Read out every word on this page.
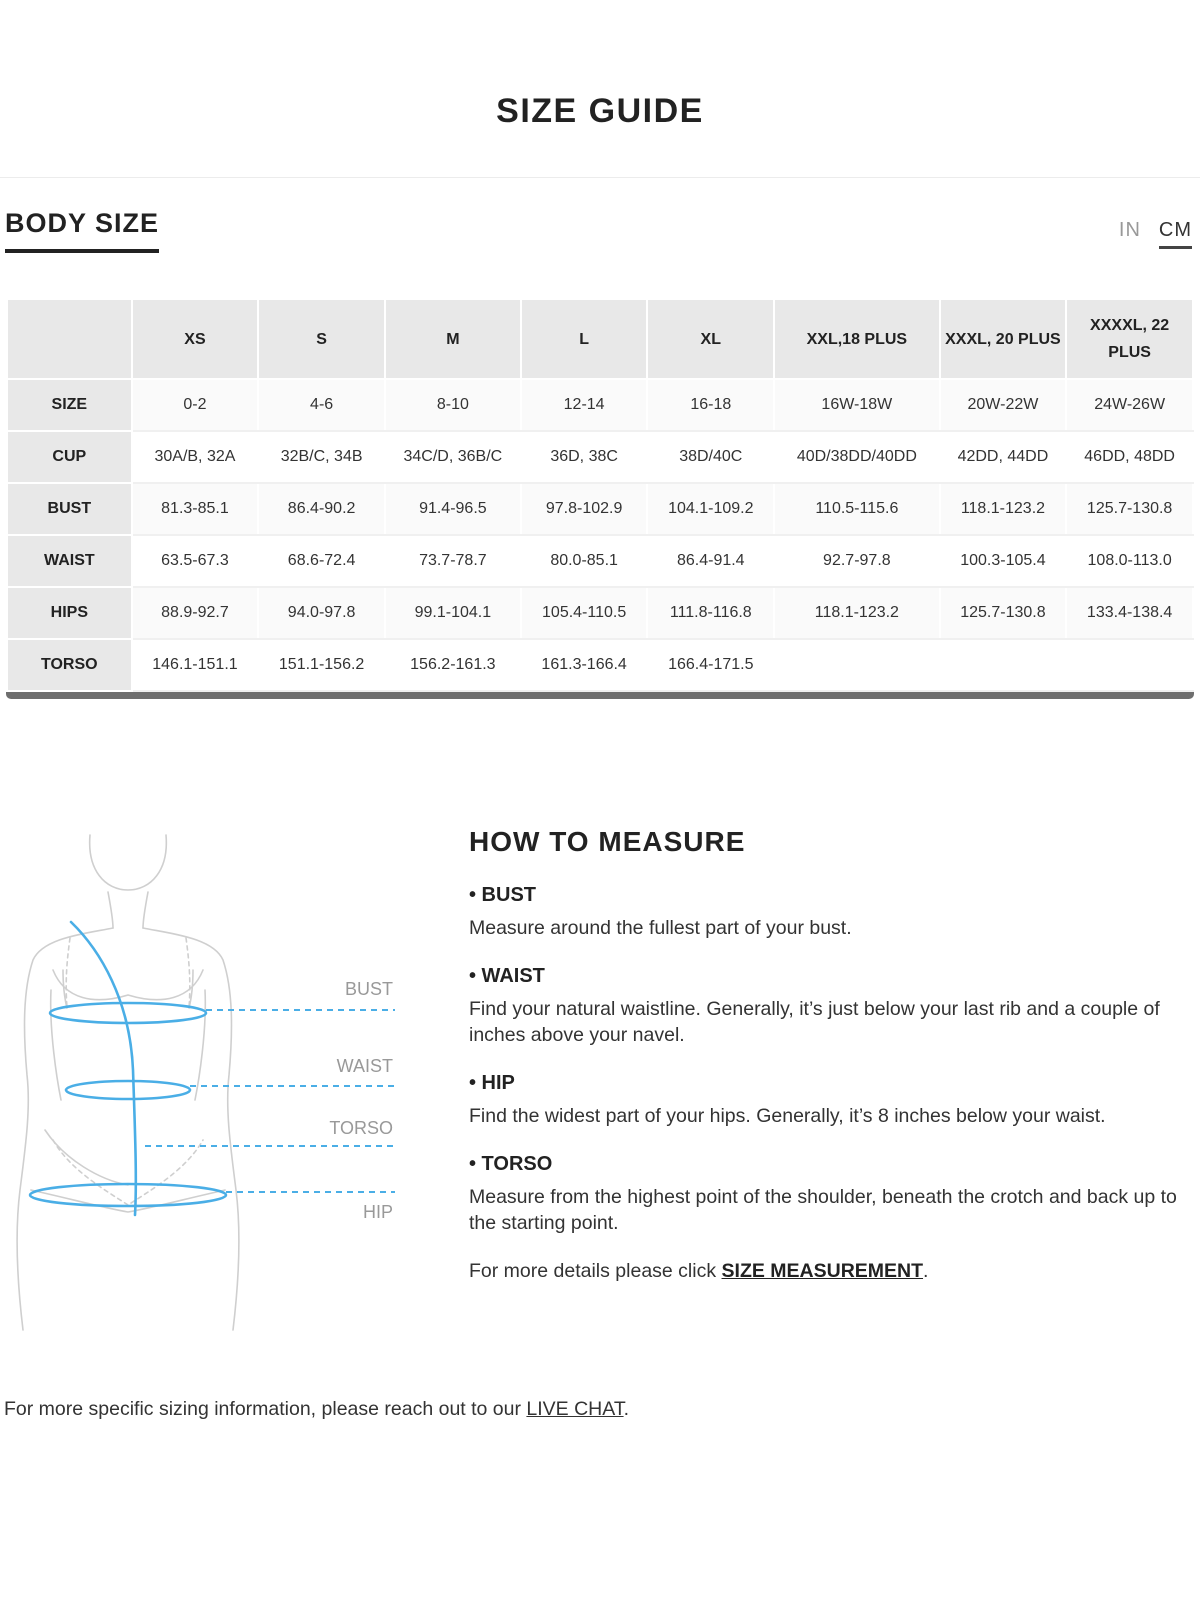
SIZE GUIDE
BODY SIZE	IN CM
	XS	S	M	L	XL	XXL,18 PLUS	XXXL, 20 PLUS	XXXXL, 22 PLUS
SIZE	0-2	4-6	8-10	12-14	16-18	16W-18W	20W-22W	24W-26W
CUP	30A/B, 32A	32B/C, 34B	34C/D, 36B/C	36D, 38C	38D/40C	40D/38DD/40DD	42DD, 44DD	46DD, 48DD
BUST	81.3-85.1	86.4-90.2	91.4-96.5	97.8-102.9	104.1-109.2	110.5-115.6	118.1-123.2	125.7-130.8
WAIST	63.5-67.3	68.6-72.4	73.7-78.7	80.0-85.1	86.4-91.4	92.7-97.8	100.3-105.4	108.0-113.0
HIPS	88.9-92.7	94.0-97.8	99.1-104.1	105.4-110.5	111.8-116.8	118.1-123.2	125.7-130.8	133.4-138.4
TORSO	146.1-151.1	151.1-156.2	156.2-161.3	161.3-166.4	166.4-171.5			
BUST
WAIST
TORSO
HIP
HOW TO MEASURE
• BUST
Measure around the fullest part of your bust.
• WAIST
Find your natural waistline. Generally, it’s just below your last rib and a couple of inches above your navel.
• HIP
Find the widest part of your hips. Generally, it’s 8 inches below your waist.
• TORSO
Measure from the highest point of the shoulder, beneath the crotch and back up to the starting point.
For more details please click SIZE MEASUREMENT.
For more specific sizing information, please reach out to our LIVE CHAT.
